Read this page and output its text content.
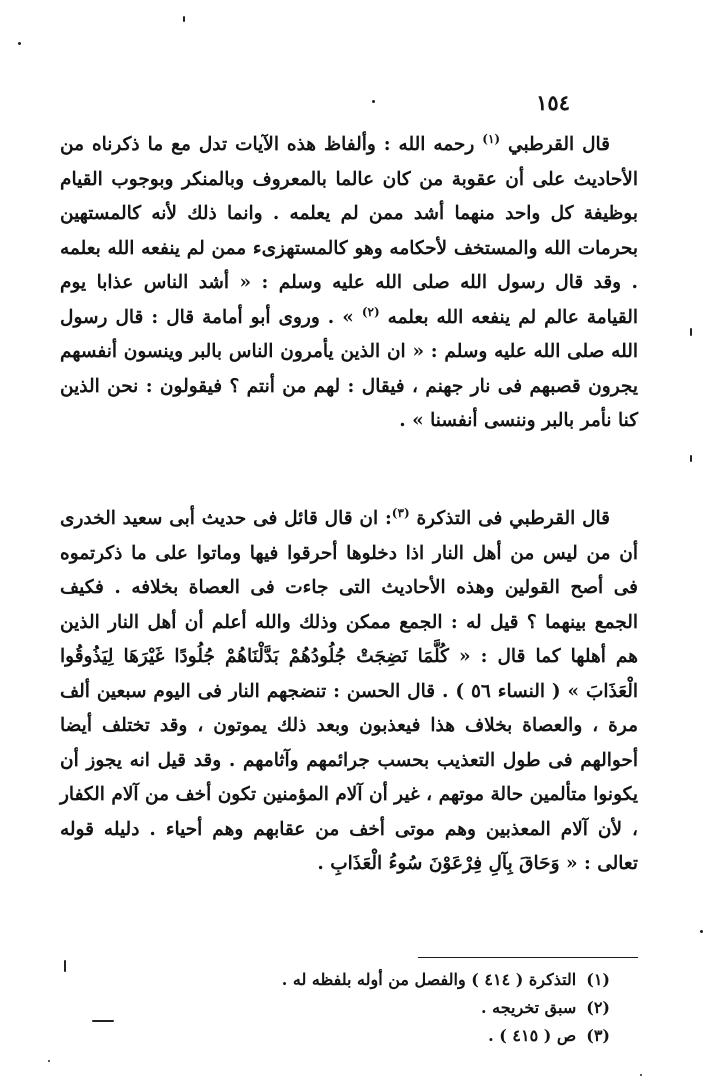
١٥٤

قال القرطبي $^{(١)}$ رحمه الله : وألفاظ هذه الآيات تدل مع ما ذكرناه من الأحاديث على أن عقوبة من كان عالما بالمعروف وبالمنكر وبوجوب القيام بوظيفة كل واحد منهما أشد ممن لم يعلمه . وانما ذلك لأنه كالمستهين بحرمات الله والمستخف لأحكامه وهو كالمستهزىء ممن لم ينفعه الله بعلمه . وقد قال رسول الله صلى الله عليه وسلم : « أشد الناس عذابا يوم القيامة عالم لم ينفعه الله بعلمه $^{(٢)}$ » . وروى أبو أمامة قال : قال رسول الله صلى الله عليه وسلم : « ان الذين يأمرون الناس بالبر وينسون أنفسهم يجرون قصبهم فى نار جهنم ، فيقال : لهم من أنتم ؟ فيقولون : نحن الذين كنا نأمر بالبر وننسى أنفسنا » .

قال القرطبي فى التذكرة $^{(٣)}$: ان قال قائل فى حديث أبى سعيد الخدرى أن من ليس من أهل النار اذا دخلوها أحرقوا فيها وماتوا على ما ذكرتموه فى أصح القولين وهذه الأحاديث التى جاءت فى العصاة بخلافه . فكيف الجمع بينهما ؟ قيل له : الجمع ممكن وذلك والله أعلم أن أهل النار الذين هم أهلها كما قال : « كُلَّمَا نَضِجَتْ جُلُودُهُمْ بَدَّلْنَاهُمْ جُلُودًا غَيْرَهَا لِيَذُوقُوا الْعَذَابَ » ( النساء ٥٦ ) . قال الحسن : تنضجهم النار فى اليوم سبعين ألف مرة ، والعصاة بخلاف هذا فيعذبون وبعد ذلك يموتون ، وقد تختلف أيضا أحوالهم فى طول التعذيب بحسب جرائمهم وآثامهم . وقد قيل انه يجوز أن يكونوا متألمين حالة موتهم ، غير أن آلام المؤمنين تكون أخف من آلام الكفار ، لأن آلام المعذبين وهم موتى أخف من عقابهم وهم أحياء . دليله قوله تعالى : « وَحَاقَ بِآلِ فِرْعَوْنَ سُوءُ الْعَذَابِ .

(١)التذكرة ( ٤١٤ ) والفصل من أوله بلفظه له .
(٢)سبق تخريجه .
(٣)ص ( ٤١٥ ) .
